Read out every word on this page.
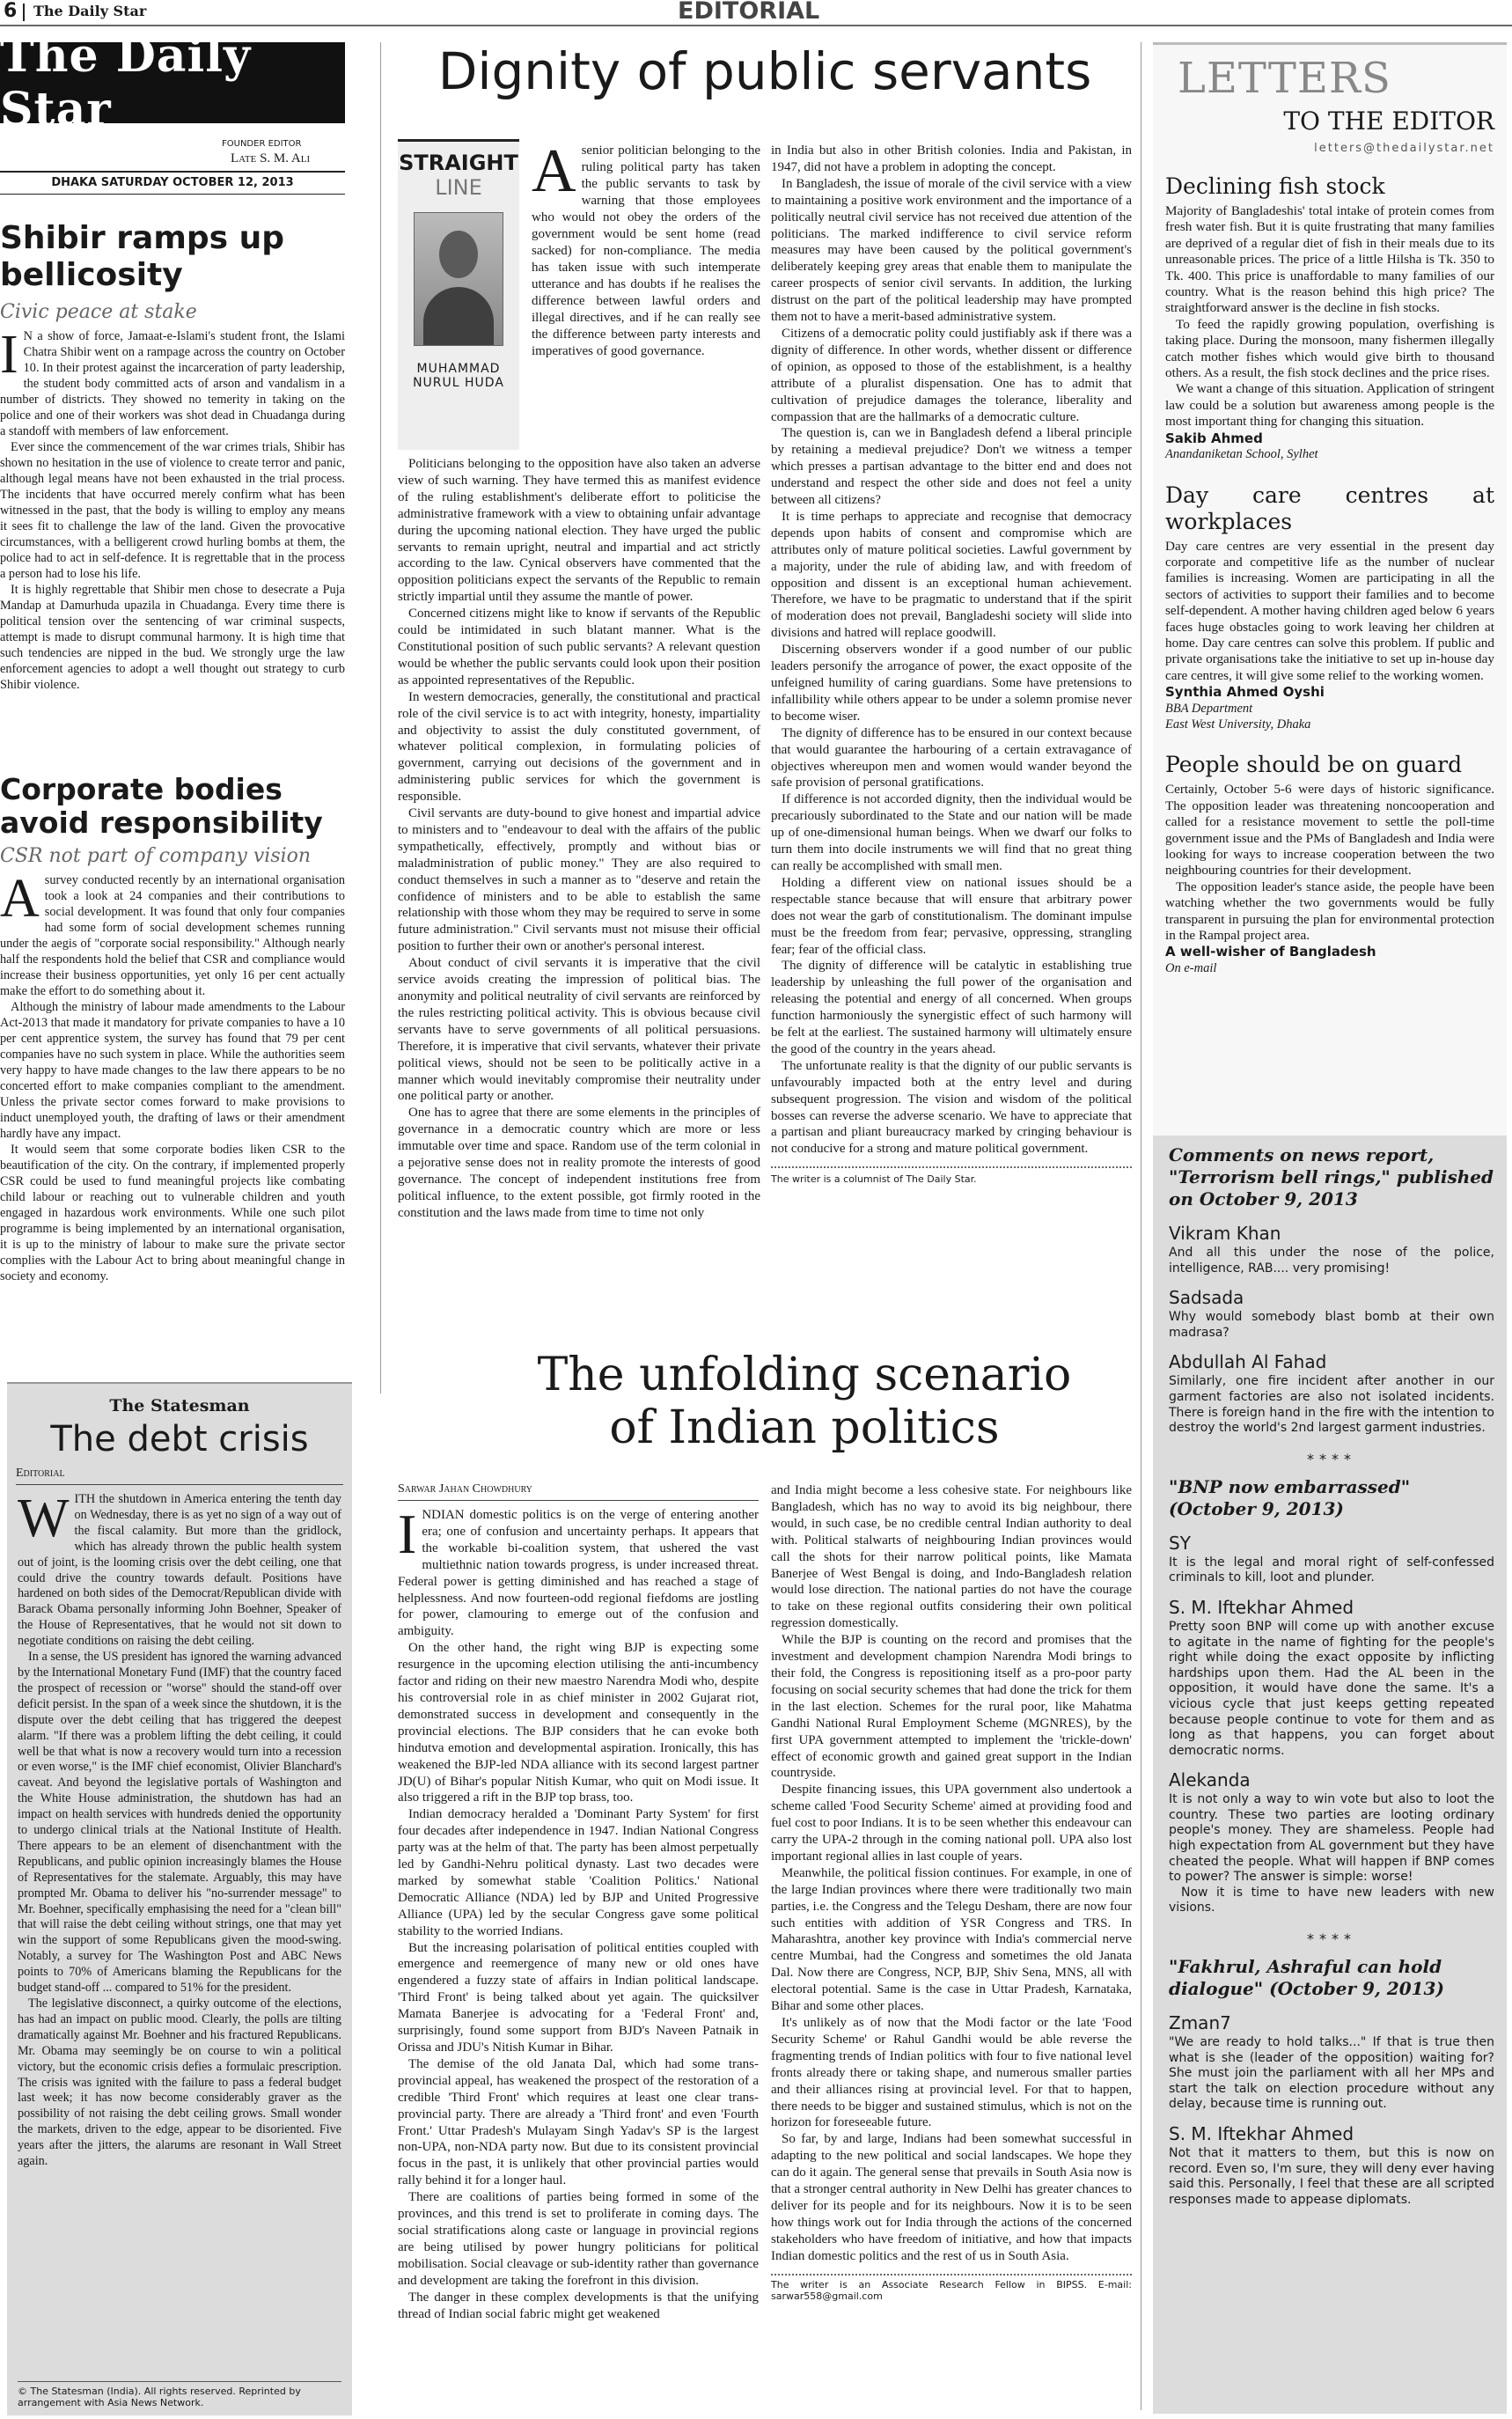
6 The Daily Star	EDITORIAL
The Daily Star
FOUNDER EDITOR
Late S. M. Ali
DHAKA SATURDAY OCTOBER 12, 2013
Shibir ramps up bellicosity
Civic peace at stake

I N a show of force, Jamaat-e-Islami's student front, the Islami Chatra Shibir went on a rampage across the country on October 10. In their protest against the incarceration of party leadership, the student body committed acts of arson and vandalism in a number of districts. They showed no temerity in taking on the police and one of their workers was shot dead in Chuadanga during a standoff with members of law enforcement.

Ever since the commencement of the war crimes trials, Shibir has shown no hesitation in the use of violence to create terror and panic, although legal means have not been exhausted in the trial process. The incidents that have occurred merely confirm what has been witnessed in the past, that the body is willing to employ any means it sees fit to challenge the law of the land. Given the provocative circumstances, with a belligerent crowd hurling bombs at them, the police had to act in self-defence. It is regrettable that in the process a person had to lose his life.

It is highly regrettable that Shibir men chose to desecrate a Puja Mandap at Damurhuda upazila in Chuadanga. Every time there is political tension over the sentencing of war criminal suspects, attempt is made to disrupt communal harmony. It is high time that such tendencies are nipped in the bud. We strongly urge the law enforcement agencies to adopt a well thought out strategy to curb Shibir violence.

Corporate bodies avoid responsibility
CSR not part of company vision

Asurvey conducted recently by an international organisation took a look at 24 companies and their contributions to social development. It was found that only four companies had some form of social development schemes running under the aegis of "corporate social responsibility." Although nearly half the respondents hold the belief that CSR and compliance would increase their business opportunities, yet only 16 per cent actually make the effort to do something about it.

Although the ministry of labour made amendments to the Labour Act-2013 that made it mandatory for private companies to have a 10 per cent apprentice system, the survey has found that 79 per cent companies have no such system in place. While the authorities seem very happy to have made changes to the law there appears to be no concerted effort to make companies compliant to the amendment. Unless the private sector comes forward to make provisions to induct unemployed youth, the drafting of laws or their amendment hardly have any impact.

It would seem that some corporate bodies liken CSR to the beautification of the city. On the contrary, if implemented properly CSR could be used to fund meaningful projects like combating child labour or reaching out to vulnerable children and youth engaged in hazardous work environments. While one such pilot programme is being implemented by an international organisation, it is up to the ministry of labour to make sure the private sector complies with the Labour Act to bring about meaningful change in society and economy.

The Statesman
The debt crisis
Editorial

WITH the shutdown in America entering the tenth day on Wednesday, there is as yet no sign of a way out of the fiscal calamity. But more than the gridlock, which has already thrown the public health system out of joint, is the looming crisis over the debt ceiling, one that could drive the country towards default. Positions have hardened on both sides of the Democrat/Republican divide with Barack Obama personally informing John Boehner, Speaker of the House of Representatives, that he would not sit down to negotiate conditions on raising the debt ceiling.

In a sense, the US president has ignored the warning advanced by the International Monetary Fund (IMF) that the country faced the prospect of recession or "worse" should the stand-off over deficit persist. In the span of a week since the shutdown, it is the dispute over the debt ceiling that has triggered the deepest alarm. "If there was a problem lifting the debt ceiling, it could well be that what is now a recovery would turn into a recession or even worse," is the IMF chief economist, Olivier Blanchard's caveat. And beyond the legislative portals of Washington and the White House administration, the shutdown has had an impact on health services with hundreds denied the opportunity to undergo clinical trials at the National Institute of Health. There appears to be an element of disenchantment with the Republicans, and public opinion increasingly blames the House of Representatives for the stalemate. Arguably, this may have prompted Mr. Obama to deliver his "no-surrender message" to Mr. Boehner, specifically emphasising the need for a "clean bill" that will raise the debt ceiling without strings, one that may yet win the support of some Republicans given the mood-swing. Notably, a survey for The Washington Post and ABC News points to 70% of Americans blaming the Republicans for the budget stand-off ... compared to 51% for the president.

The legislative disconnect, a quirky outcome of the elections, has had an impact on public mood. Clearly, the polls are tilting dramatically against Mr. Boehner and his fractured Republicans. Mr. Obama may seemingly be on course to win a political victory, but the economic crisis defies a formulaic prescription. The crisis was ignited with the failure to pass a federal budget last week; it has now become considerably graver as the possibility of not raising the debt ceiling grows. Small wonder the markets, driven to the edge, appear to be disoriented. Five years after the jitters, the alarums are resonant in Wall Street again.

© The Statesman (India). All rights reserved. Reprinted by arrangement with Asia News Network.
Dignity of public servants
STRAIGHT
LINE
MUHAMMAD
NURUL HUDA

Asenior politician belonging to the ruling political party has taken the public servants to task by warning that those employees who would not obey the orders of the government would be sent home (read sacked) for non-compliance. The media has taken issue with such intemperate utterance and has doubts if he realises the difference between lawful orders and illegal directives, and if he can really see the difference between party interests and imperatives of good governance.

Politicians belonging to the opposition have also taken an adverse view of such warning. They have termed this as manifest evidence of the ruling establishment's deliberate effort to politicise the administrative framework with a view to obtaining unfair advantage during the upcoming national election. They have urged the public servants to remain upright, neutral and impartial and act strictly according to the law. Cynical observers have commented that the opposition politicians expect the servants of the Republic to remain strictly impartial until they assume the mantle of power.

Concerned citizens might like to know if servants of the Republic could be intimidated in such blatant manner. What is the Constitutional position of such public servants? A relevant question would be whether the public servants could look upon their position as appointed representatives of the Republic.

In western democracies, generally, the constitutional and practical role of the civil service is to act with integrity, honesty, impartiality and objectivity to assist the duly constituted government, of whatever political complexion, in formulating policies of government, carrying out decisions of the government and in administering public services for which the government is responsible.

Civil servants are duty-bound to give honest and impartial advice to ministers and to "endeavour to deal with the affairs of the public sympathetically, effectively, promptly and without bias or maladministration of public money." They are also required to conduct themselves in such a manner as to "deserve and retain the confidence of ministers and to be able to establish the same relationship with those whom they may be required to serve in some future administration." Civil servants must not misuse their official position to further their own or another's personal interest.

About conduct of civil servants it is imperative that the civil service avoids creating the impression of political bias. The anonymity and political neutrality of civil servants are reinforced by the rules restricting political activity. This is obvious because civil servants have to serve governments of all political persuasions. Therefore, it is imperative that civil servants, whatever their private political views, should not be seen to be politically active in a manner which would inevitably compromise their neutrality under one political party or another.

One has to agree that there are some elements in the principles of governance in a democratic country which are more or less immutable over time and space. Random use of the term colonial in a pejorative sense does not in reality promote the interests of good governance. The concept of independent institutions free from political influence, to the extent possible, got firmly rooted in the constitution and the laws made from time to time not only

in India but also in other British colonies. India and Pakistan, in 1947, did not have a problem in adopting the concept.

In Bangladesh, the issue of morale of the civil service with a view to maintaining a positive work environment and the importance of a politically neutral civil service has not received due attention of the politicians. The marked indifference to civil service reform measures may have been caused by the political government's deliberately keeping grey areas that enable them to manipulate the career prospects of senior civil servants. In addition, the lurking distrust on the part of the political leadership may have prompted them not to have a merit-based administrative system.

Citizens of a democratic polity could justifiably ask if there was a dignity of difference. In other words, whether dissent or difference of opinion, as opposed to those of the establishment, is a healthy attribute of a pluralist dispensation. One has to admit that cultivation of prejudice damages the tolerance, liberality and compassion that are the hallmarks of a democratic culture.

The question is, can we in Bangladesh defend a liberal principle by retaining a medieval prejudice? Don't we witness a temper which presses a partisan advantage to the bitter end and does not understand and respect the other side and does not feel a unity between all citizens?

It is time perhaps to appreciate and recognise that democracy depends upon habits of consent and compromise which are attributes only of mature political societies. Lawful government by a majority, under the rule of abiding law, and with freedom of opposition and dissent is an exceptional human achievement. Therefore, we have to be pragmatic to understand that if the spirit of moderation does not prevail, Bangladeshi society will slide into divisions and hatred will replace goodwill.

Discerning observers wonder if a good number of our public leaders personify the arrogance of power, the exact opposite of the unfeigned humility of caring guardians. Some have pretensions to infallibility while others appear to be under a solemn promise never to become wiser.

The dignity of difference has to be ensured in our context because that would guarantee the harbouring of a certain extravagance of objectives whereupon men and women would wander beyond the safe provision of personal gratifications.

If difference is not accorded dignity, then the individual would be precariously subordinated to the State and our nation will be made up of one-dimensional human beings. When we dwarf our folks to turn them into docile instruments we will find that no great thing can really be accomplished with small men.

Holding a different view on national issues should be a respectable stance because that will ensure that arbitrary power does not wear the garb of constitutionalism. The dominant impulse must be the freedom from fear; pervasive, oppressing, strangling fear; fear of the official class.

The dignity of difference will be catalytic in establishing true leadership by unleashing the full power of the organisation and releasing the potential and energy of all concerned. When groups function harmoniously the synergistic effect of such harmony will be felt at the earliest. The sustained harmony will ultimately ensure the good of the country in the years ahead.

The unfortunate reality is that the dignity of our public servants is unfavourably impacted both at the entry level and during subsequent progression. The vision and wisdom of the political bosses can reverse the adverse scenario. We have to appreciate that a partisan and pliant bureaucracy marked by cringing behaviour is not conducive for a strong and mature political government.

The writer is a columnist of The Daily Star.
The unfolding scenario
of Indian politics
Sarwar Jahan Chowdhury

INDIAN domestic politics is on the verge of entering another era; one of confusion and uncertainty perhaps. It appears that the workable bi-coalition system, that ushered the vast multiethnic nation towards progress, is under increased threat. Federal power is getting diminished and has reached a stage of helplessness. And now fourteen-odd regional fiefdoms are jostling for power, clamouring to emerge out of the confusion and ambiguity.

On the other hand, the right wing BJP is expecting some resurgence in the upcoming election utilising the anti-incumbency factor and riding on their new maestro Narendra Modi who, despite his controversial role in as chief minister in 2002 Gujarat riot, demonstrated success in development and consequently in the provincial elections. The BJP considers that he can evoke both hindutva emotion and developmental aspiration. Ironically, this has weakened the BJP-led NDA alliance with its second largest partner JD(U) of Bihar's popular Nitish Kumar, who quit on Modi issue. It also triggered a rift in the BJP top brass, too.

Indian democracy heralded a 'Dominant Party System' for first four decades after independence in 1947. Indian National Congress party was at the helm of that. The party has been almost perpetually led by Gandhi-Nehru political dynasty. Last two decades were marked by somewhat stable 'Coalition Politics.' National Democratic Alliance (NDA) led by BJP and United Progressive Alliance (UPA) led by the secular Congress gave some political stability to the worried Indians.

But the increasing polarisation of political entities coupled with emergence and reemergence of many new or old ones have engendered a fuzzy state of affairs in Indian political landscape. 'Third Front' is being talked about yet again. The quicksilver Mamata Banerjee is advocating for a 'Federal Front' and, surprisingly, found some support from BJD's Naveen Patnaik in Orissa and JDU's Nitish Kumar in Bihar.

The demise of the old Janata Dal, which had some trans-provincial appeal, has weakened the prospect of the restoration of a credible 'Third Front' which requires at least one clear trans-provincial party. There are already a 'Third front' and even 'Fourth Front.' Uttar Pradesh's Mulayam Singh Yadav's SP is the largest non-UPA, non-NDA party now. But due to its consistent provincial focus in the past, it is unlikely that other provincial parties would rally behind it for a longer haul.

There are coalitions of parties being formed in some of the provinces, and this trend is set to proliferate in coming days. The social stratifications along caste or language in provincial regions are being utilised by power hungry politicians for political mobilisation. Social cleavage or sub-identity rather than governance and development are taking the forefront in this division.

The danger in these complex developments is that the unifying thread of Indian social fabric might get weakened

and India might become a less cohesive state. For neighbours like Bangladesh, which has no way to avoid its big neighbour, there would, in such case, be no credible central Indian authority to deal with. Political stalwarts of neighbouring Indian provinces would call the shots for their narrow political points, like Mamata Banerjee of West Bengal is doing, and Indo-Bangladesh relation would lose direction. The national parties do not have the courage to take on these regional outfits considering their own political regression domestically.

While the BJP is counting on the record and promises that the investment and development champion Narendra Modi brings to their fold, the Congress is repositioning itself as a pro-poor party focusing on social security schemes that had done the trick for them in the last election. Schemes for the rural poor, like Mahatma Gandhi National Rural Employment Scheme (MGNRES), by the first UPA government attempted to implement the 'trickle-down' effect of economic growth and gained great support in the Indian countryside.

Despite financing issues, this UPA government also undertook a scheme called 'Food Security Scheme' aimed at providing food and fuel cost to poor Indians. It is to be seen whether this endeavour can carry the UPA-2 through in the coming national poll. UPA also lost important regional allies in last couple of years.

Meanwhile, the political fission continues. For example, in one of the large Indian provinces where there were traditionally two main parties, i.e. the Congress and the Telegu Desham, there are now four such entities with addition of YSR Congress and TRS. In Maharashtra, another key province with India's commercial nerve centre Mumbai, had the Congress and sometimes the old Janata Dal. Now there are Congress, NCP, BJP, Shiv Sena, MNS, all with electoral potential. Same is the case in Uttar Pradesh, Karnataka, Bihar and some other places.

It's unlikely as of now that the Modi factor or the late 'Food Security Scheme' or Rahul Gandhi would be able reverse the fragmenting trends of Indian politics with four to five national level fronts already there or taking shape, and numerous smaller parties and their alliances rising at provincial level. For that to happen, there needs to be bigger and sustained stimulus, which is not on the horizon for foreseeable future.

So far, by and large, Indians had been somewhat successful in adapting to the new political and social landscapes. We hope they can do it again. The general sense that prevails in South Asia now is that a stronger central authority in New Delhi has greater chances to deliver for its people and for its neighbours. Now it is to be seen how things work out for India through the actions of the concerned stakeholders who have freedom of initiative, and how that impacts Indian domestic politics and the rest of us in South Asia.

The writer is an Associate Research Fellow in BIPSS. E-mail: sarwar558@gmail.com
LETTERS
TO THE EDITOR
letters@thedailystar.net
Declining fish stock

Majority of Bangladeshis' total intake of protein comes from fresh water fish. But it is quite frustrating that many families are deprived of a regular diet of fish in their meals due to its unreasonable prices. The price of a little Hilsha is Tk. 350 to Tk. 400. This price is unaffordable to many families of our country. What is the reason behind this high price? The straightforward answer is the decline in fish stocks.

To feed the rapidly growing population, overfishing is taking place. During the monsoon, many fishermen illegally catch mother fishes which would give birth to thousand others. As a result, the fish stock declines and the price rises.

We want a change of this situation. Application of stringent law could be a solution but awareness among people is the most important thing for changing this situation.

Sakib Ahmed
Anandaniketan School, Sylhet
Day care centres at workplaces

Day care centres are very essential in the present day corporate and competitive life as the number of nuclear families is increasing. Women are participating in all the sectors of activities to support their families and to become self-dependent. A mother having children aged below 6 years faces huge obstacles going to work leaving her children at home. Day care centres can solve this problem. If public and private organisations take the initiative to set up in-house day care centres, it will give some relief to the working women.

Synthia Ahmed Oyshi
BBA Department
East West University, Dhaka
People should be on guard

Certainly, October 5-6 were days of historic significance. The opposition leader was threatening noncooperation and called for a resistance movement to settle the poll-time government issue and the PMs of Bangladesh and India were looking for ways to increase cooperation between the two neighbouring countries for their development.

The opposition leader's stance aside, the people have been watching whether the two governments would be fully transparent in pursuing the plan for environmental protection in the Rampal project area.

A well-wisher of Bangladesh
On e-mail
Comments on news report, "Terrorism bell rings," published on October 9, 2013
Vikram Khan

And all this under the nose of the police, intelligence, RAB.... very promising!

Sadsada

Why would somebody blast bomb at their own madrasa?

Abdullah Al Fahad

Similarly, one fire incident after another in our garment factories are also not isolated incidents. There is foreign hand in the fire with the intention to destroy the world's 2nd largest garment industries.

****
"BNP now embarrassed" (October 9, 2013)
SY

It is the legal and moral right of self-confessed criminals to kill, loot and plunder.

S. M. Iftekhar Ahmed

Pretty soon BNP will come up with another excuse to agitate in the name of fighting for the people's right while doing the exact opposite by inflicting hardships upon them. Had the AL been in the opposition, it would have done the same. It's a vicious cycle that just keeps getting repeated because people continue to vote for them and as long as that happens, you can forget about democratic norms.

Alekanda

It is not only a way to win vote but also to loot the country. These two parties are looting ordinary people's money. They are shameless. People had high expectation from AL government but they have cheated the people. What will happen if BNP comes to power? The answer is simple: worse!

Now it is time to have new leaders with new visions.

****
"Fakhrul, Ashraful can hold dialogue" (October 9, 2013)
Zman7

"We are ready to hold talks..." If that is true then what is she (leader of the opposition) waiting for? She must join the parliament with all her MPs and start the talk on election procedure without any delay, because time is running out.

S. M. Iftekhar Ahmed

Not that it matters to them, but this is now on record. Even so, I'm sure, they will deny ever having said this. Personally, I feel that these are all scripted responses made to appease diplomats.
